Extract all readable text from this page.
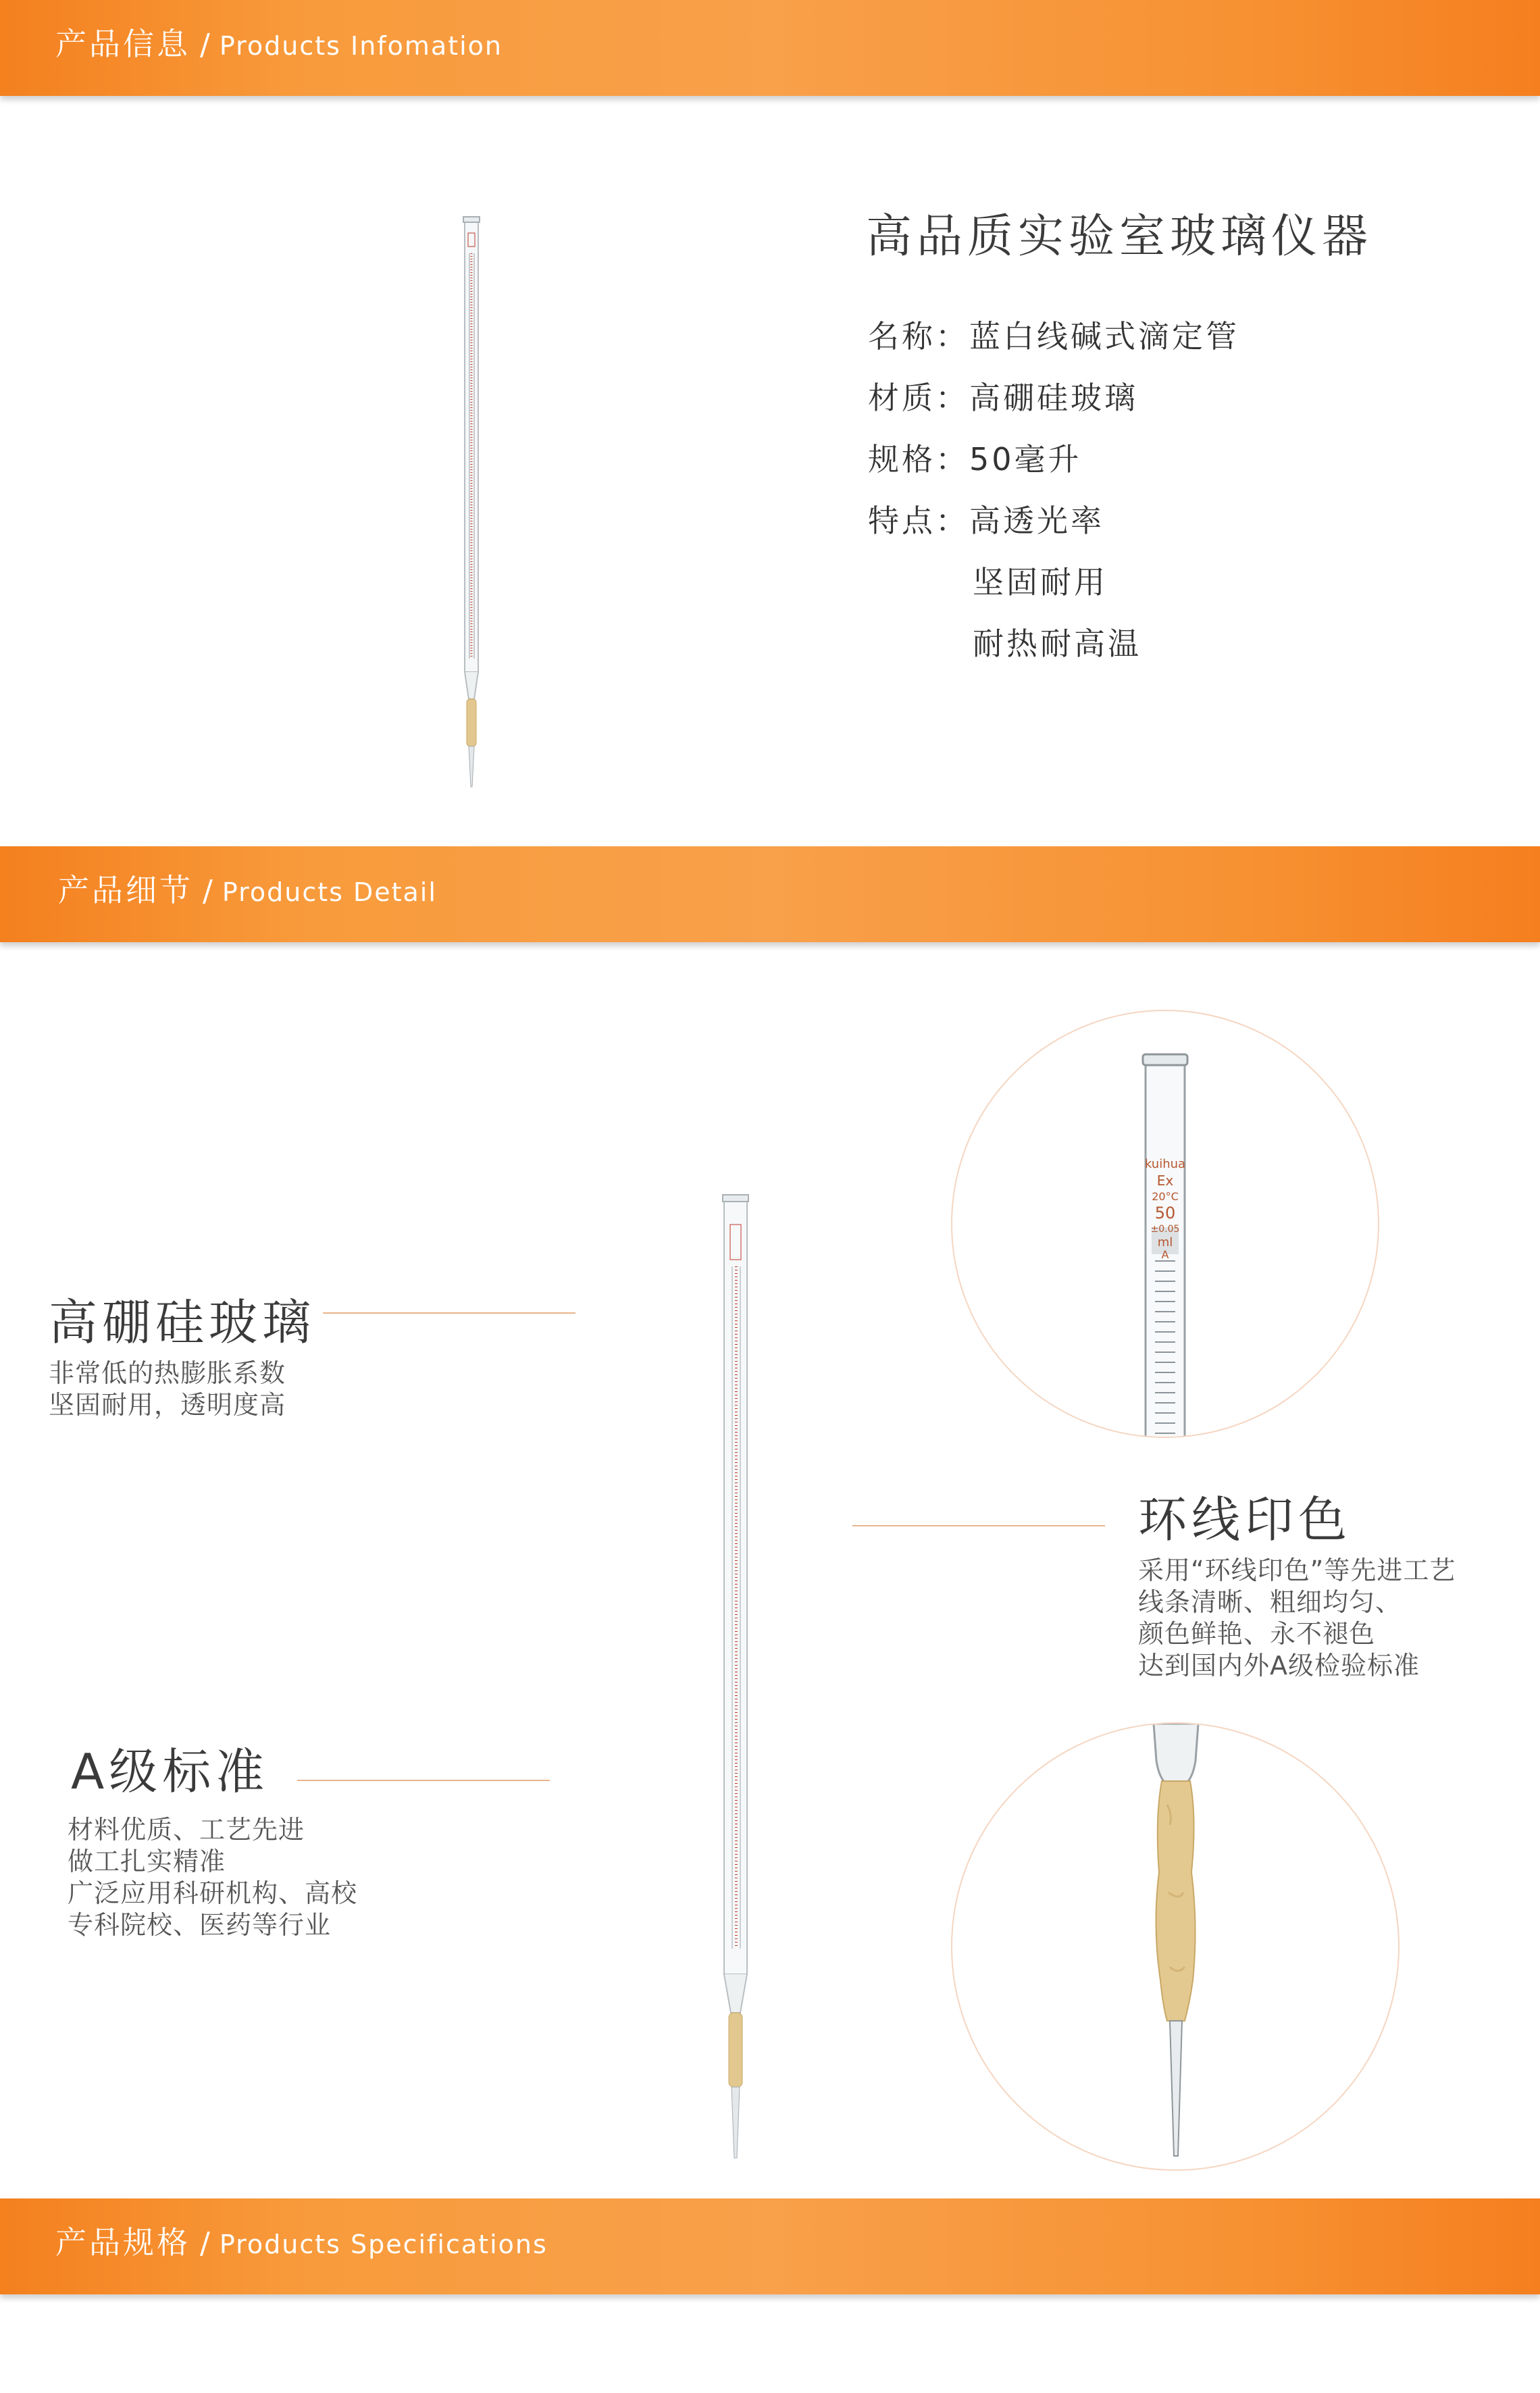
产品信息 / Products Infomation
高品质实验室玻璃仪器
名称：蓝白线碱式滴定管
材质：高硼硅玻璃
规格：50毫升
特点：高透光率
坚固耐用
耐热耐高温
产品细节 / Products Detail
高硼硅玻璃
非常低的热膨胀系数
坚固耐用，透明度高
环线印色
采用“环线印色”等先进工艺
线条清晰、粗细均匀、
颜色鲜艳、永不褪色
达到国内外A级检验标准
A级标准
材料优质、工艺先进
做工扎实精准
广泛应用科研机构、高校
专科院校、医药等行业
kuihua
Ex
20°C
50
±0.05
ml
A
产品规格 / Products Specifications
